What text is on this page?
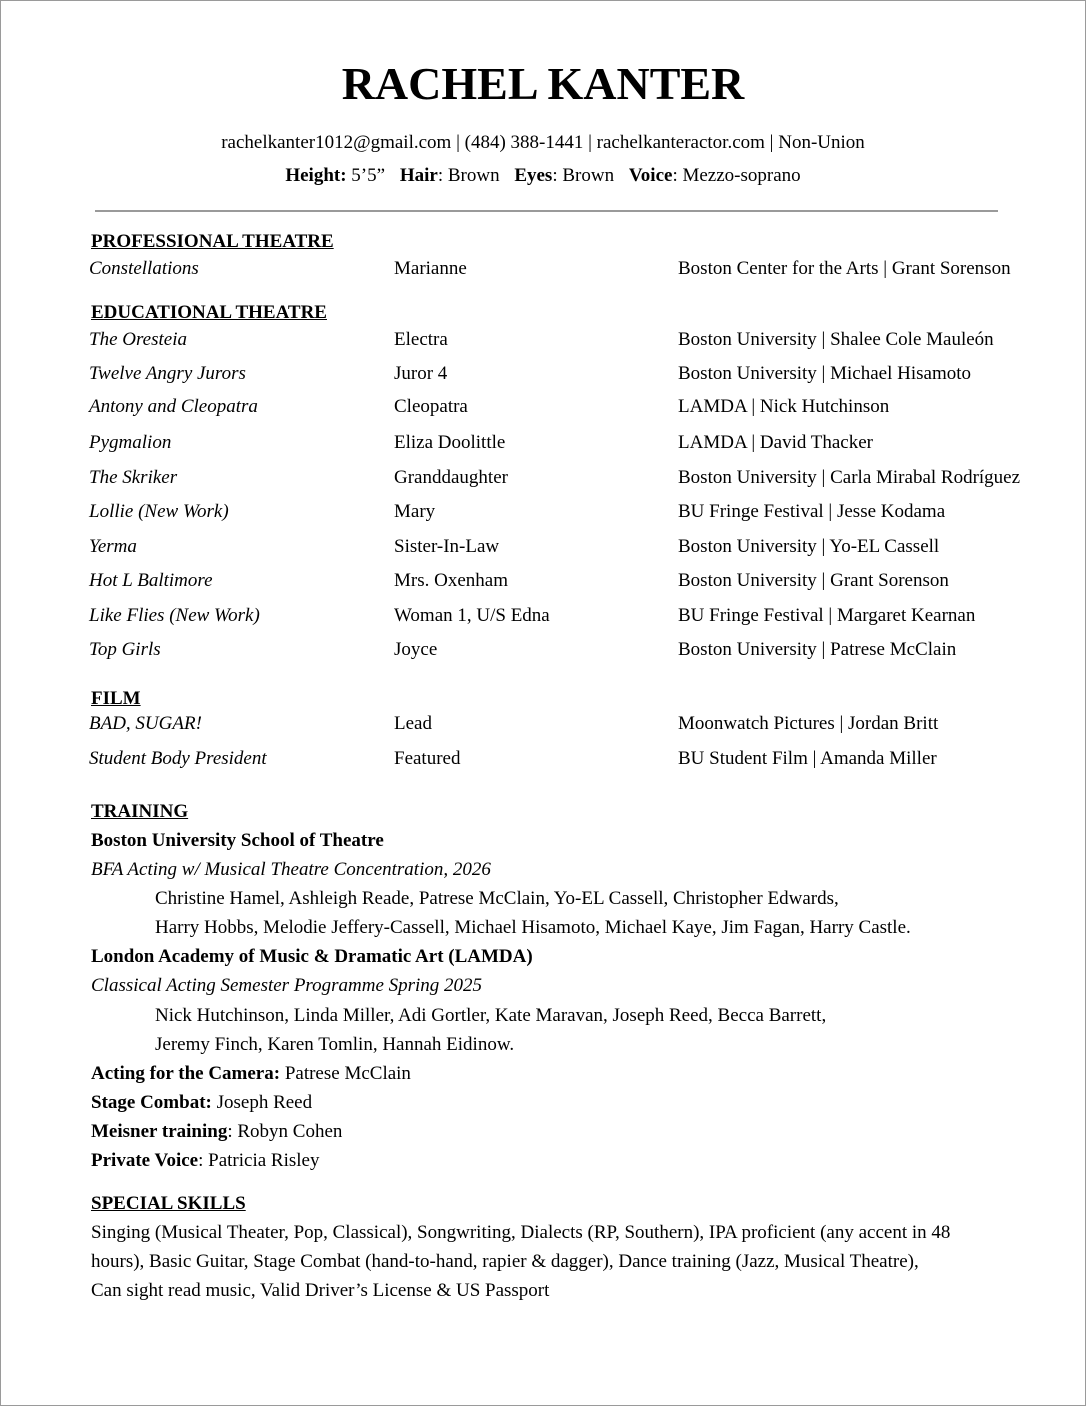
RACHEL KANTER
rachelkanter1012@gmail.com | (484) 388-1441 | rachelkanteractor.com | Non-Union
Height: 5’5” Hair: Brown Eyes: Brown Voice: Mezzo-soprano
PROFESSIONAL THEATRE
Constellations	Marianne	Boston Center for the Arts | Grant Sorenson
EDUCATIONAL THEATRE
The Oresteia	Electra	Boston University | Shalee Cole Mauleón
Twelve Angry Jurors	Juror 4	Boston University | Michael Hisamoto
Antony and Cleopatra	Cleopatra	LAMDA | Nick Hutchinson
Pygmalion	Eliza Doolittle	LAMDA | David Thacker
The Skriker	Granddaughter	Boston University | Carla Mirabal Rodríguez
Lollie (New Work)	Mary	BU Fringe Festival | Jesse Kodama
Yerma	Sister-In-Law	Boston University | Yo-EL Cassell
Hot L Baltimore	Mrs. Oxenham	Boston University | Grant Sorenson
Like Flies (New Work)	Woman 1, U/S Edna	BU Fringe Festival | Margaret Kearnan
Top Girls	Joyce	Boston University | Patrese McClain
FILM
BAD, SUGAR!	Lead	Moonwatch Pictures | Jordan Britt
Student Body President	Featured	BU Student Film | Amanda Miller
TRAINING
Boston University School of Theatre
BFA Acting w/ Musical Theatre Concentration, 2026
Christine Hamel, Ashleigh Reade, Patrese McClain, Yo-EL Cassell, Christopher Edwards,
Harry Hobbs, Melodie Jeffery-Cassell, Michael Hisamoto, Michael Kaye, Jim Fagan, Harry Castle.
London Academy of Music & Dramatic Art (LAMDA)
Classical Acting Semester Programme Spring 2025
Nick Hutchinson, Linda Miller, Adi Gortler, Kate Maravan, Joseph Reed, Becca Barrett,
Jeremy Finch, Karen Tomlin, Hannah Eidinow.
Acting for the Camera: Patrese McClain
Stage Combat: Joseph Reed
Meisner training: Robyn Cohen
Private Voice: Patricia Risley
SPECIAL SKILLS
Singing (Musical Theater, Pop, Classical), Songwriting, Dialects (RP, Southern), IPA proficient (any accent in 48
hours), Basic Guitar, Stage Combat (hand-to-hand, rapier & dagger), Dance training (Jazz, Musical Theatre),
Can sight read music, Valid Driver’s License & US Passport
